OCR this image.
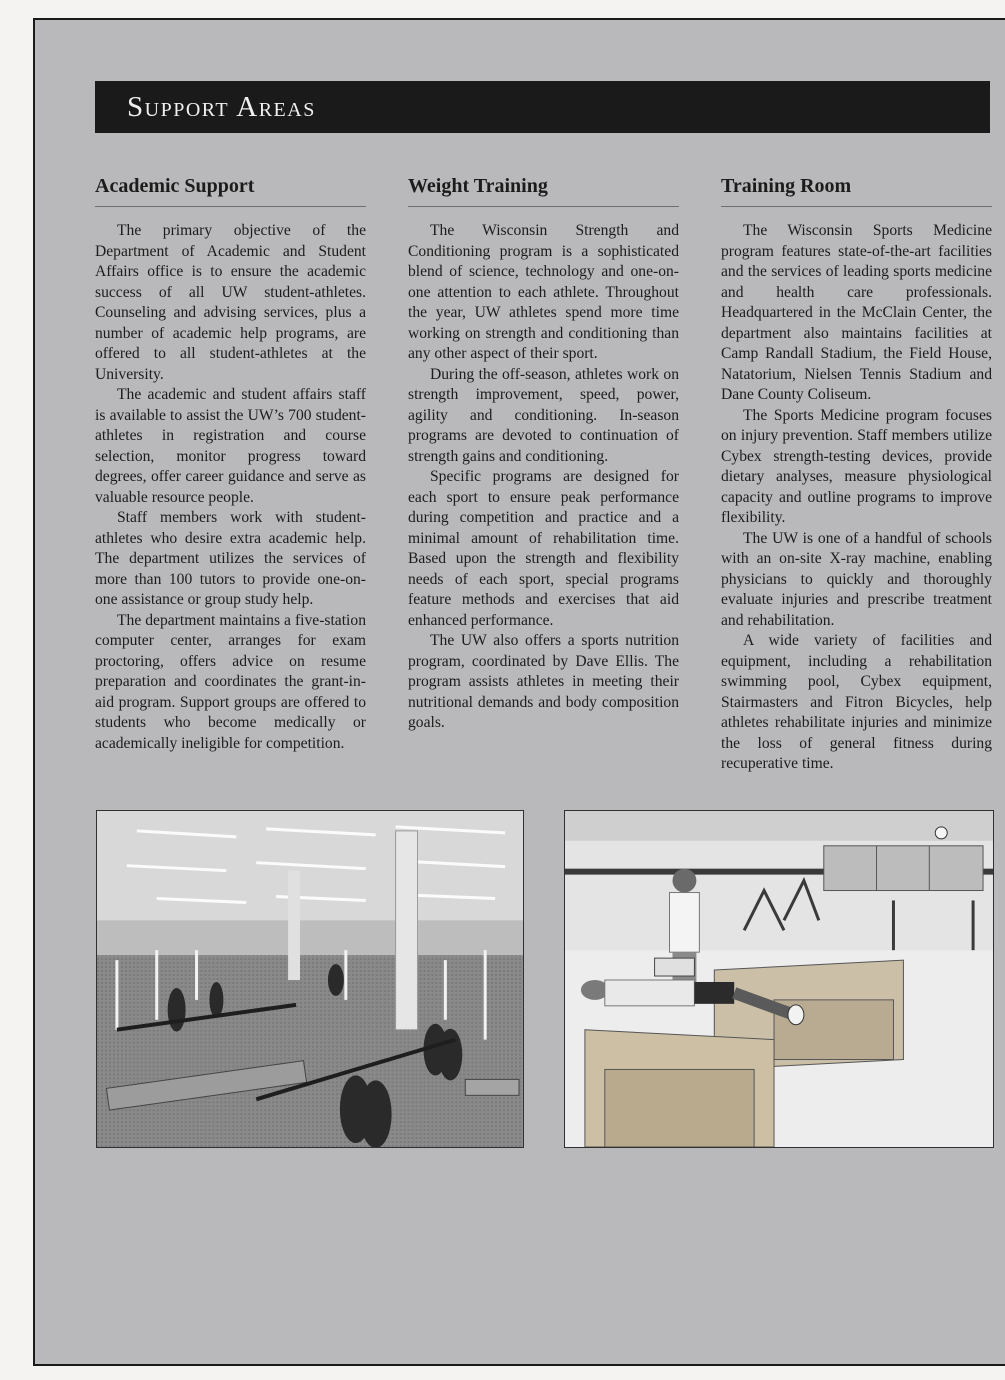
Support Areas
Academic Support

The primary objective of the Department of Academic and Student Affairs office is to ensure the academic success of all UW student-athletes. Counseling and advising services, plus a number of academic help programs, are offered to all student-athletes at the University.

The academic and student affairs staff is available to assist the UW’s 700 student-athletes in registration and course selection, monitor progress toward degrees, offer career guidance and serve as valuable resource people.

Staff members work with student-athletes who desire extra academic help. The department utilizes the services of more than 100 tutors to provide one-on-one assistance or group study help.

The department maintains a five-station computer center, arranges for exam proctoring, offers advice on resume preparation and coordinates the grant-in-aid program. Support groups are offered to students who become medically or academically ineligible for competition.

Weight Training

The Wisconsin Strength and Conditioning program is a sophisticated blend of science, technology and one-on-one attention to each athlete. Throughout the year, UW athletes spend more time working on strength and conditioning than any other aspect of their sport.

During the off-season, athletes work on strength improvement, speed, power, agility and conditioning. In-season programs are devoted to continuation of strength gains and conditioning.

Specific programs are designed for each sport to ensure peak performance during competition and practice and a minimal amount of rehabilitation time. Based upon the strength and flexibility needs of each sport, special programs feature methods and exercises that aid enhanced performance.

The UW also offers a sports nutrition program, coordinated by Dave Ellis. The program assists athletes in meeting their nutritional demands and body composition goals.

Training Room

The Wisconsin Sports Medicine program features state-of-the-art facilities and the services of leading sports medicine and health care professionals. Headquartered in the McClain Center, the department also maintains facilities at Camp Randall Stadium, the Field House, Natatorium, Nielsen Tennis Stadium and Dane County Coliseum.

The Sports Medicine program focuses on injury prevention. Staff members utilize Cybex strength-testing devices, provide dietary analyses, measure physiological capacity and outline programs to improve flexibility.

The UW is one of a handful of schools with an on-site X-ray machine, enabling physicians to quickly and thoroughly evaluate injuries and prescribe treatment and rehabilitation.

A wide variety of facilities and equipment, including a rehabilitation swimming pool, Cybex equipment, Stairmasters and Fitron Bicycles, help athletes rehabilitate injuries and minimize the loss of general fitness during recuperative time.
